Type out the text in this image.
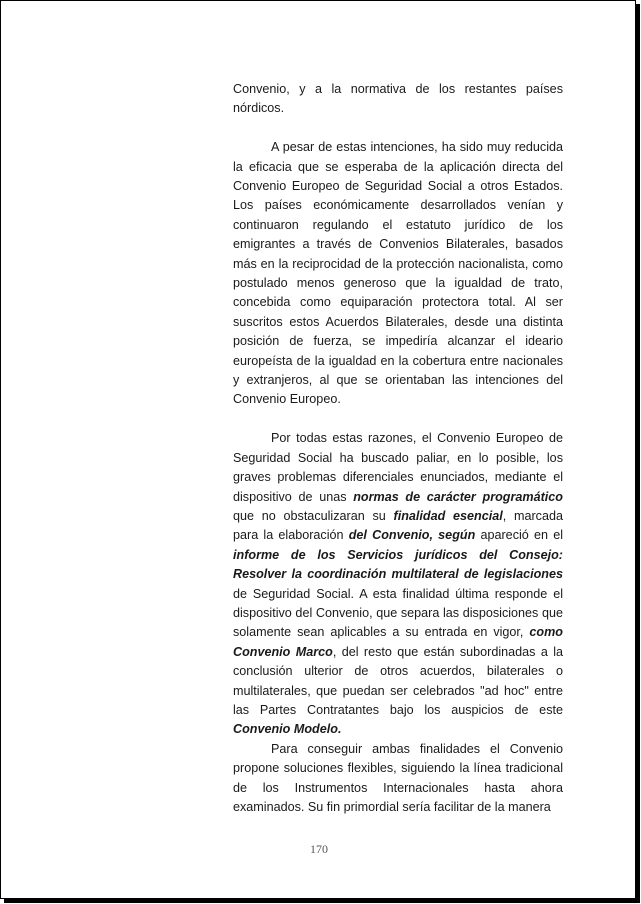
Convenio, y a la normativa de los restantes países nórdicos.

A pesar de estas intenciones, ha sido muy reducida la eficacia que se esperaba de la aplicación directa del Convenio Europeo de Seguridad Social a otros Estados. Los países económicamente desarrollados venían y continuaron regulando el estatuto jurídico de los emigrantes a través de Convenios Bilaterales, basados más en la reciprocidad de la protección nacionalista, como postulado menos generoso que la igualdad de trato, concebida como equiparación protectora total. Al ser suscritos estos Acuerdos Bilaterales, desde una distinta posición de fuerza, se impediría alcanzar el ideario europeísta de la igualdad en la cobertura entre nacionales y extranjeros, al que se orientaban las intenciones del Convenio Europeo.

Por todas estas razones, el Convenio Europeo de Seguridad Social ha buscado paliar, en lo posible, los graves problemas diferenciales enunciados, mediante el dispositivo de unas normas de carácter programático que no obstaculizaran su finalidad esencial, marcada para la elaboración del Convenio, según apareció en el informe de los Servicios jurídicos del Consejo: Resolver la coordinación multilateral de legislaciones de Seguridad Social. A esta finalidad última responde el dispositivo del Convenio, que separa las disposiciones que solamente sean aplicables a su entrada en vigor, como Convenio Marco, del resto que están subordinadas a la conclusión ulterior de otros acuerdos, bilaterales o multilaterales, que puedan ser celebrados "ad hoc" entre las Partes Contratantes bajo los auspicios de este Convenio Modelo.

Para conseguir ambas finalidades el Convenio propone soluciones flexibles, siguiendo la línea tradicional de los Instrumentos Internacionales hasta ahora examinados. Su fin primordial sería facilitar de la manera

170
